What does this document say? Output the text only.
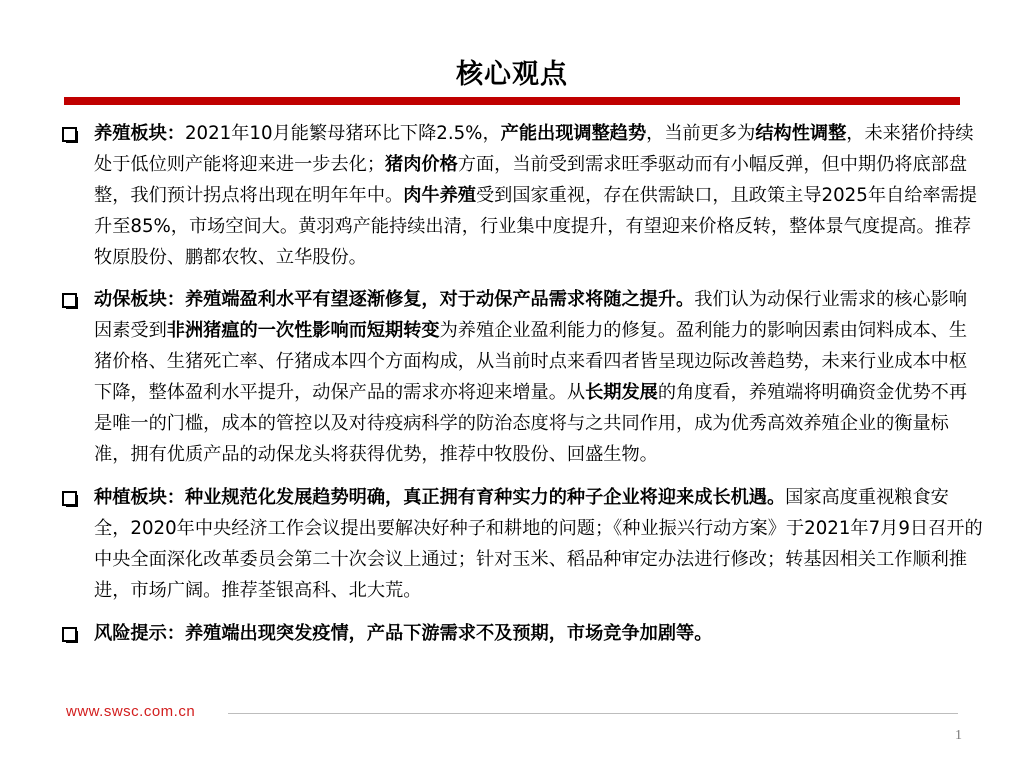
核心观点
养殖板块：2021年10月能繁母猪环比下降2.5%，产能出现调整趋势，当前更多为结构性调整，未来猪价持续处于低位则产能将迎来进一步去化；猪肉价格方面，当前受到需求旺季驱动而有小幅反弹，但中期仍将底部盘整，我们预计拐点将出现在明年年中。肉牛养殖受到国家重视，存在供需缺口，且政策主导2025年自给率需提升至85%，市场空间大。黄羽鸡产能持续出清，行业集中度提升，有望迎来价格反转，整体景气度提高。推荐牧原股份、鹏都农牧、立华股份。
动保板块：养殖端盈利水平有望逐渐修复，对于动保产品需求将随之提升。我们认为动保行业需求的核心影响因素受到非洲猪瘟的一次性影响而短期转变为养殖企业盈利能力的修复。盈利能力的影响因素由饲料成本、生猪价格、生猪死亡率、仔猪成本四个方面构成，从当前时点来看四者皆呈现边际改善趋势，未来行业成本中枢下降，整体盈利水平提升，动保产品的需求亦将迎来增量。从长期发展的角度看，养殖端将明确资金优势不再是唯一的门槛，成本的管控以及对待疫病科学的防治态度将与之共同作用，成为优秀高效养殖企业的衡量标准，拥有优质产品的动保龙头将获得优势，推荐中牧股份、回盛生物。
种植板块：种业规范化发展趋势明确，真正拥有育种实力的种子企业将迎来成长机遇。国家高度重视粮食安全，2020年中央经济工作会议提出要解决好种子和耕地的问题；《种业振兴行动方案》于2021年7月9日召开的中央全面深化改革委员会第二十次会议上通过；针对玉米、稻品种审定办法进行修改；转基因相关工作顺利推进，市场广阔。推荐荃银高科、北大荒。
风险提示：养殖端出现突发疫情，产品下游需求不及预期，市场竞争加剧等。
www.swsc.com.cn
1
